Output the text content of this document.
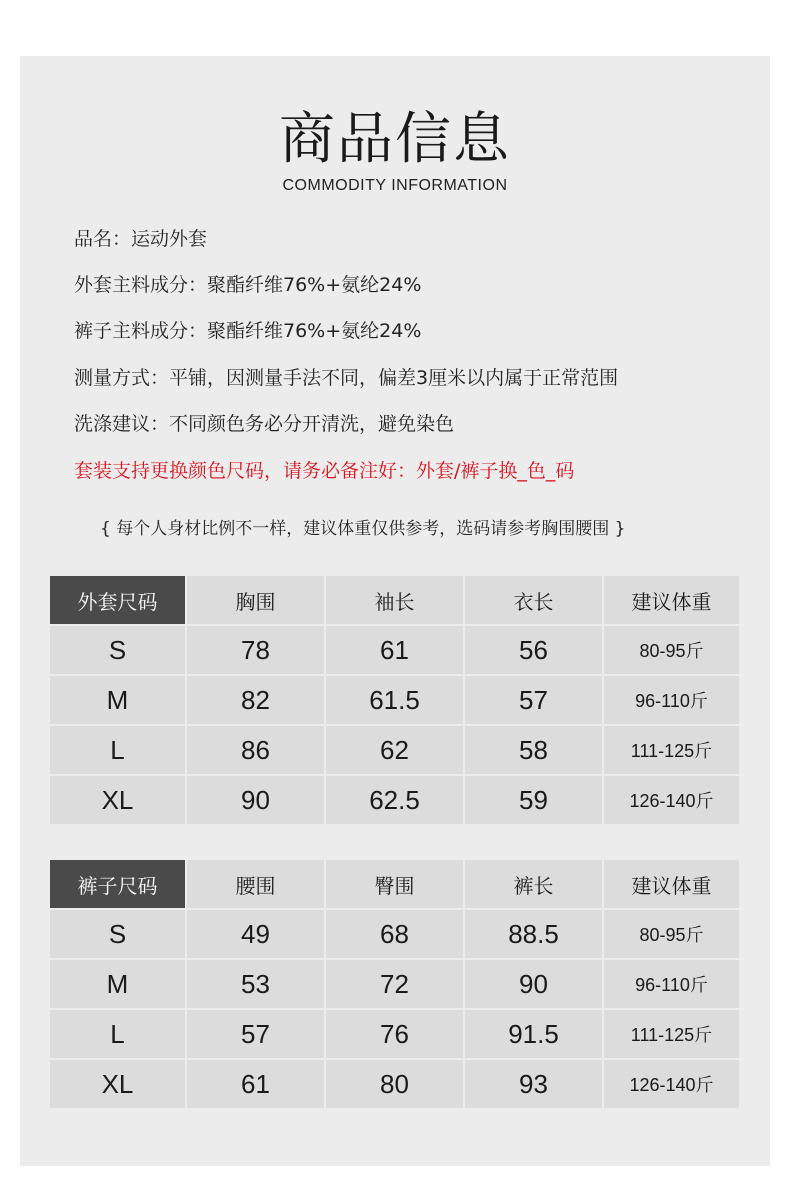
商品信息
COMMODITY INFORMATION
品名：运动外套
外套主料成分：聚酯纤维76%+氨纶24%
裤子主料成分：聚酯纤维76%+氨纶24%
测量方式：平铺，因测量手法不同，偏差3厘米以内属于正常范围
洗涤建议：不同颜色务必分开清洗，避免染色
套装支持更换颜色尺码，请务必备注好：外套/裤子换_色_码
{ 每个人身材比例不一样，建议体重仅供参考，选码请参考胸围腰围 }
外套尺码	胸围	袖长	衣长	建议体重
S	78	61	56	80-95斤
M	82	61.5	57	96-110斤
L	86	62	58	111-125斤
XL	90	62.5	59	126-140斤
裤子尺码	腰围	臀围	裤长	建议体重
S	49	68	88.5	80-95斤
M	53	72	90	96-110斤
L	57	76	91.5	111-125斤
XL	61	80	93	126-140斤
